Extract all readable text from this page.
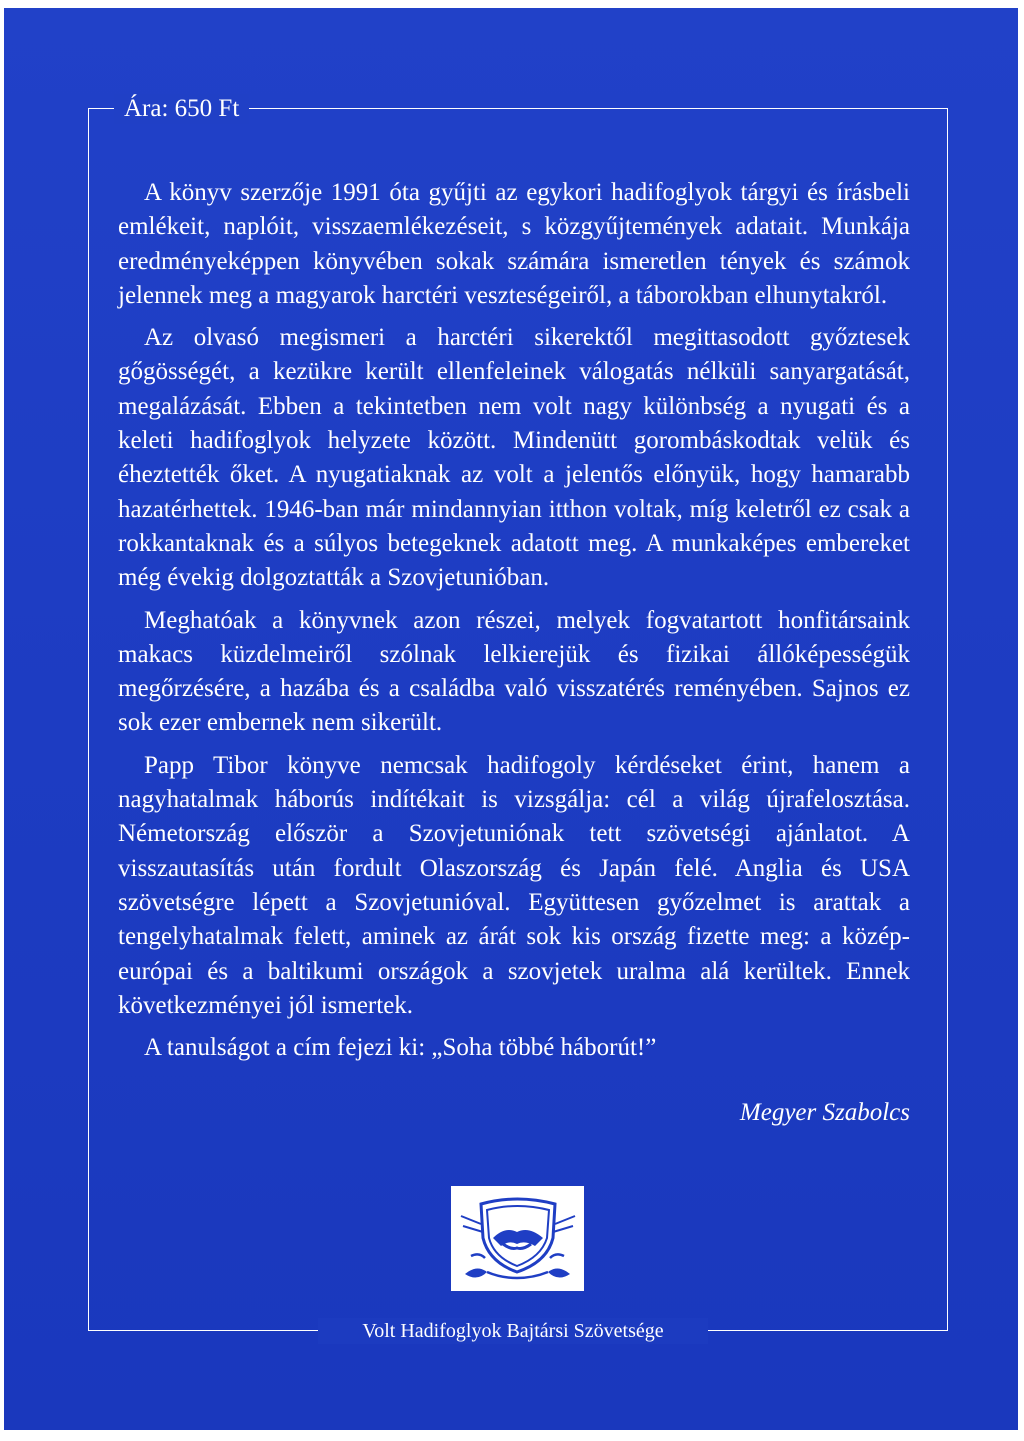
Ára: 650 Ft

A könyv szerzője 1991 óta gyűjti az egykori hadifoglyok tárgyi és írásbeli emlékeit, naplóit, visszaemlékezéseit, s közgyűjtemények adatait. Munkája eredményeképpen könyvében sokak számára ismeretlen tények és számok jelennek meg a magyarok harctéri veszteségeiről, a táborokban elhunytakról.

Az olvasó megismeri a harctéri sikerektől megittasodott győztesek gőgösségét, a kezükre került ellenfeleinek válogatás nélküli sanyargatását, megalázását. Ebben a tekintetben nem volt nagy különbség a nyugati és a keleti hadifoglyok helyzete között. Mindenütt gorombáskodtak velük és éheztették őket. A nyugatiaknak az volt a jelentős előnyük, hogy hamarabb hazatérhettek. 1946-ban már mindannyian itthon voltak, míg keletről ez csak a rokkantaknak és a súlyos betegeknek adatott meg. A munkaképes embereket még évekig dolgoztatták a Szovjetunióban.

Meghatóak a könyvnek azon részei, melyek fogvatartott honfitársaink makacs küzdelmeiről szólnak lelkierejük és fizikai állóképességük megőrzésére, a hazába és a családba való visszatérés reményében. Sajnos ez sok ezer embernek nem sikerült.

Papp Tibor könyve nemcsak hadifogoly kérdéseket érint, hanem a nagyhatalmak háborús indítékait is vizsgálja: cél a világ újrafelosztása. Németország először a Szovjetuniónak tett szövetségi ajánlatot. A visszautasítás után fordult Olaszország és Japán felé. Anglia és USA szövetségre lépett a Szovjetunióval. Együttesen győzelmet is arattak a tengelyhatalmak felett, aminek az árát sok kis ország fizette meg: a közép-európai és a baltikumi országok a szovjetek uralma alá kerültek. Ennek következményei jól ismertek.

A tanulságot a cím fejezi ki: „Soha többé háborút!”

Megyer Szabolcs
Volt Hadifoglyok Bajtársi Szövetsége
